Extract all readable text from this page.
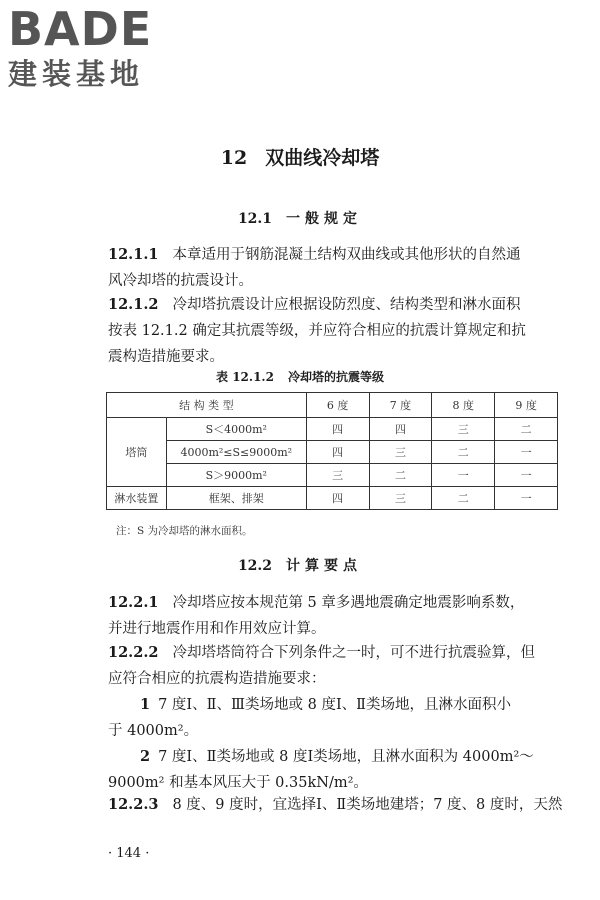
BADE
建装基地
12 双曲线冷却塔
12.1 一般规定
12.1.1 本章适用于钢筋混凝土结构双曲线或其他形状的自然通
风冷却塔的抗震设计。
12.1.2 冷却塔抗震设计应根据设防烈度、结构类型和淋水面积
按表 12.1.2 确定其抗震等级，并应符合相应的抗震计算规定和抗
震构造措施要求。
表 12.1.2 冷却塔的抗震等级
结 构 类 型		6 度	7 度	8 度	9 度
塔筒	S＜4000m²	四	四	三	二
	4000m²≤S≤9000m²	四	三	二	一
	S＞9000m²	三	二	一	一
淋水装置	框架、排架	四	三	二	一
注：S 为冷却塔的淋水面积。
12.2 计算要点
12.2.1 冷却塔应按本规范第 5 章多遇地震确定地震影响系数，
并进行地震作用和作用效应计算。
12.2.2 冷却塔塔筒符合下列条件之一时，可不进行抗震验算，但
应符合相应的抗震构造措施要求：
1 7 度Ⅰ、Ⅱ、Ⅲ类场地或 8 度Ⅰ、Ⅱ类场地，且淋水面积小
于 4000m²。
2 7 度Ⅰ、Ⅱ类场地或 8 度Ⅰ类场地，且淋水面积为 4000m²～
9000m² 和基本风压大于 0.35kN/m²。
12.2.3 8 度、9 度时，宜选择Ⅰ、Ⅱ类场地建塔；7 度、8 度时，天然
· 144 ·
